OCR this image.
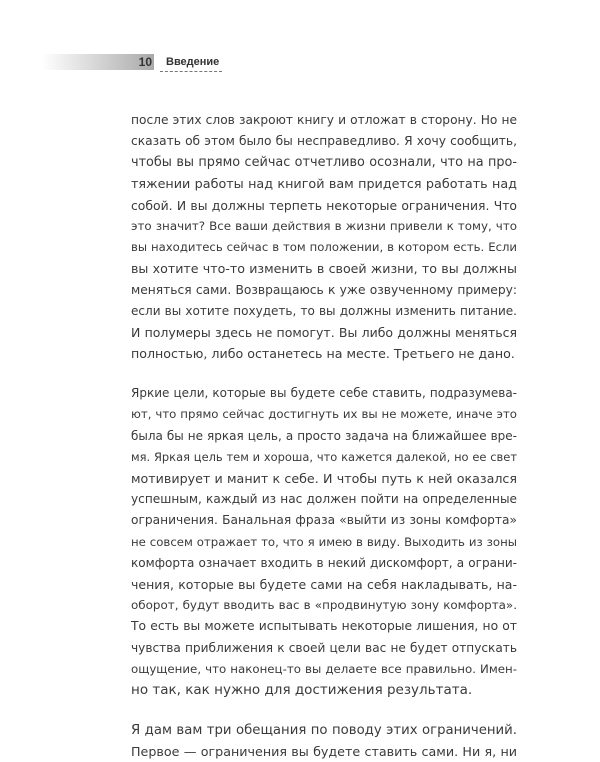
10 Введение
после этих слов закроют книгу и отложат в сторону. Но не
сказать об этом было бы несправедливо. Я хочу сообщить,
чтобы вы прямо сейчас отчетливо осознали, что на про-
тяжении работы над книгой вам придется работать над
собой. И вы должны терпеть некоторые ограничения. Что
это значит? Все ваши действия в жизни привели к тому, что
вы находитесь сейчас в том положении, в котором есть. Если
вы хотите что-то изменить в своей жизни, то вы должны
меняться сами. Возвращаюсь к уже озвученному примеру:
если вы хотите похудеть, то вы должны изменить питание.
И полумеры здесь не помогут. Вы либо должны меняться
полностью, либо останетесь на месте. Третьего не дано.
Яркие цели, которые вы будете себе ставить, подразумева-
ют, что прямо сейчас достигнуть их вы не можете, иначе это
была бы не яркая цель, а просто задача на ближайшее вре-
мя. Яркая цель тем и хороша, что кажется далекой, но ее свет
мотивирует и манит к себе. И чтобы путь к ней оказался
успешным, каждый из нас должен пойти на определенные
ограничения. Банальная фраза «выйти из зоны комфорта»
не совсем отражает то, что я имею в виду. Выходить из зоны
комфорта означает входить в некий дискомфорт, а ограни-
чения, которые вы будете сами на себя накладывать, на-
оборот, будут вводить вас в «продвинутую зону комфорта».
То есть вы можете испытывать некоторые лишения, но от
чувства приближения к своей цели вас не будет отпускать
ощущение, что наконец-то вы делаете все правильно. Имен-
но так, как нужно для достижения результата.
Я дам вам три обещания по поводу этих ограничений.
Первое — ограничения вы будете ставить сами. Ни я, ни
